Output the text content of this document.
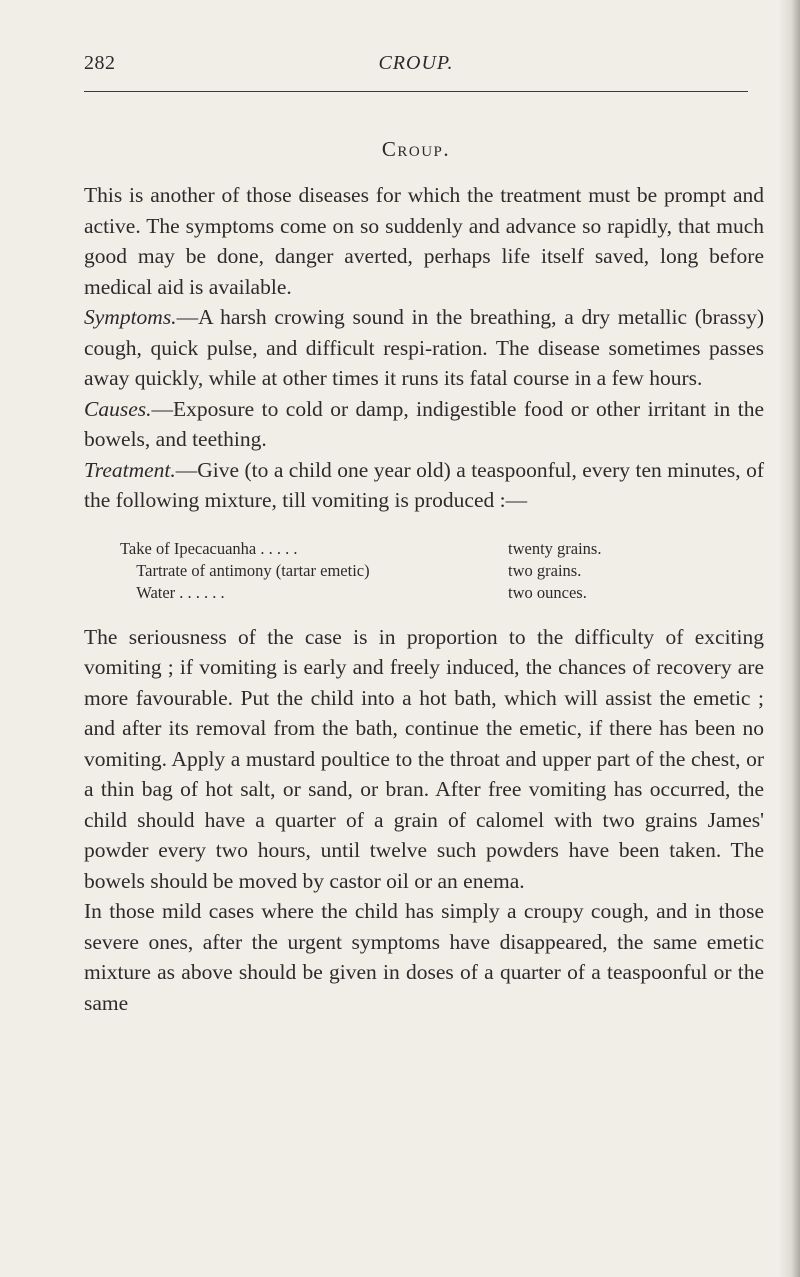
282	CROUP.
Croup.

This is another of those diseases for which the treatment must be prompt and active. The symptoms come on so suddenly and advance so rapidly, that much good may be done, danger averted, perhaps life itself saved, long before medical aid is available.

Symptoms.—A harsh crowing sound in the breathing, a dry metallic (brassy) cough, quick pulse, and difficult respi-ration. The disease sometimes passes away quickly, while at other times it runs its fatal course in a few hours.

Causes.—Exposure to cold or damp, indigestible food or other irritant in the bowels, and teething.

Treatment.—Give (to a child one year old) a teaspoonful, every ten minutes, of the following mixture, till vomiting is produced :—

Take of Ipecacuanha . . . . .	twenty grains.
Tartrate of antimony (tartar emetic)	two grains.
Water . . . . . .	two ounces.

The seriousness of the case is in proportion to the difficulty of exciting vomiting ; if vomiting is early and freely induced, the chances of recovery are more favourable. Put the child into a hot bath, which will assist the emetic ; and after its removal from the bath, continue the emetic, if there has been no vomiting. Apply a mustard poultice to the throat and upper part of the chest, or a thin bag of hot salt, or sand, or bran. After free vomiting has occurred, the child should have a quarter of a grain of calomel with two grains James' powder every two hours, until twelve such powders have been taken. The bowels should be moved by castor oil or an enema.

In those mild cases where the child has simply a croupy cough, and in those severe ones, after the urgent symptoms have disappeared, the same emetic mixture as above should be given in doses of a quarter of a teaspoonful or the same
